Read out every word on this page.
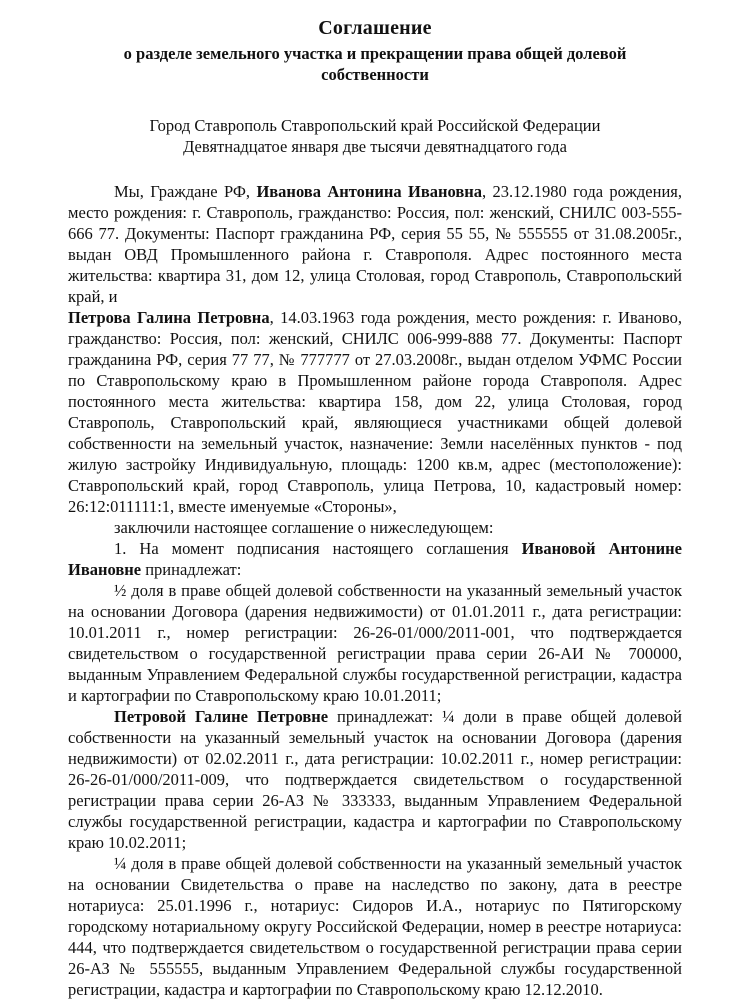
Соглашение
о разделе земельного участка и прекращении права общей долевой собственности
Город Ставрополь Ставропольский край Российской Федерации
Девятнадцатое января две тысячи девятнадцатого года

Мы, Граждане РФ, Иванова Антонина Ивановна, 23.12.1980 года рождения, место рождения: г. Ставрополь, гражданство: Россия, пол: женский, СНИЛС 003-555-666 77. Документы: Паспорт гражданина РФ, серия 55 55, № 555555 от 31.08.2005г., выдан ОВД Промышленного района г. Ставрополя. Адрес постоянного места жительства: квартира 31, дом 12, улица Столовая, город Ставрополь, Ставропольский край, и

Петрова Галина Петровна, 14.03.1963 года рождения, место рождения: г. Иваново, гражданство: Россия, пол: женский, СНИЛС 006-999-888 77. Документы: Паспорт гражданина РФ, серия 77 77, № 777777 от 27.03.2008г., выдан отделом УФМС России по Ставропольскому краю в Промышленном районе города Ставрополя. Адрес постоянного места жительства: квартира 158, дом 22, улица Столовая, город Ставрополь, Ставропольский край, являющиеся участниками общей долевой собственности на земельный участок, назначение: Земли населённых пунктов - под жилую застройку Индивидуальную, площадь: 1200 кв.м, адрес (местоположение): Ставропольский край, город Ставрополь, улица Петрова, 10, кадастровый номер: 26:12:011111:1, вместе именуемые «Стороны»,

заключили настоящее соглашение о нижеследующем:

1. На момент подписания настоящего соглашения Ивановой Антонине Ивановне принадлежат:

½ доля в праве общей долевой собственности на указанный земельный участок на основании Договора (дарения недвижимости) от 01.01.2011 г., дата регистрации: 10.01.2011 г., номер регистрации: 26-26-01/000/2011-001, что подтверждается свидетельством о государственной регистрации права серии 26-АИ № 700000, выданным Управлением Федеральной службы государственной регистрации, кадастра и картографии по Ставропольскому краю 10.01.2011;

Петровой Галине Петровне принадлежат: ¼ доли в праве общей долевой собственности на указанный земельный участок на основании Договора (дарения недвижимости) от 02.02.2011 г., дата регистрации: 10.02.2011 г., номер регистрации: 26-26-01/000/2011-009, что подтверждается свидетельством о государственной регистрации права серии 26-АЗ № 333333, выданным Управлением Федеральной службы государственной регистрации, кадастра и картографии по Ставропольскому краю 10.02.2011;

¼ доля в праве общей долевой собственности на указанный земельный участок на основании Свидетельства о праве на наследство по закону, дата в реестре нотариуса: 25.01.1996 г., нотариус: Сидоров И.А., нотариус по Пятигорскому городскому нотариальному округу Российской Федерации, номер в реестре нотариуса: 444, что подтверждается свидетельством о государственной регистрации права серии 26-АЗ № 555555, выданным Управлением Федеральной службы государственной регистрации, кадастра и картографии по Ставропольскому краю 12.12.2010.
